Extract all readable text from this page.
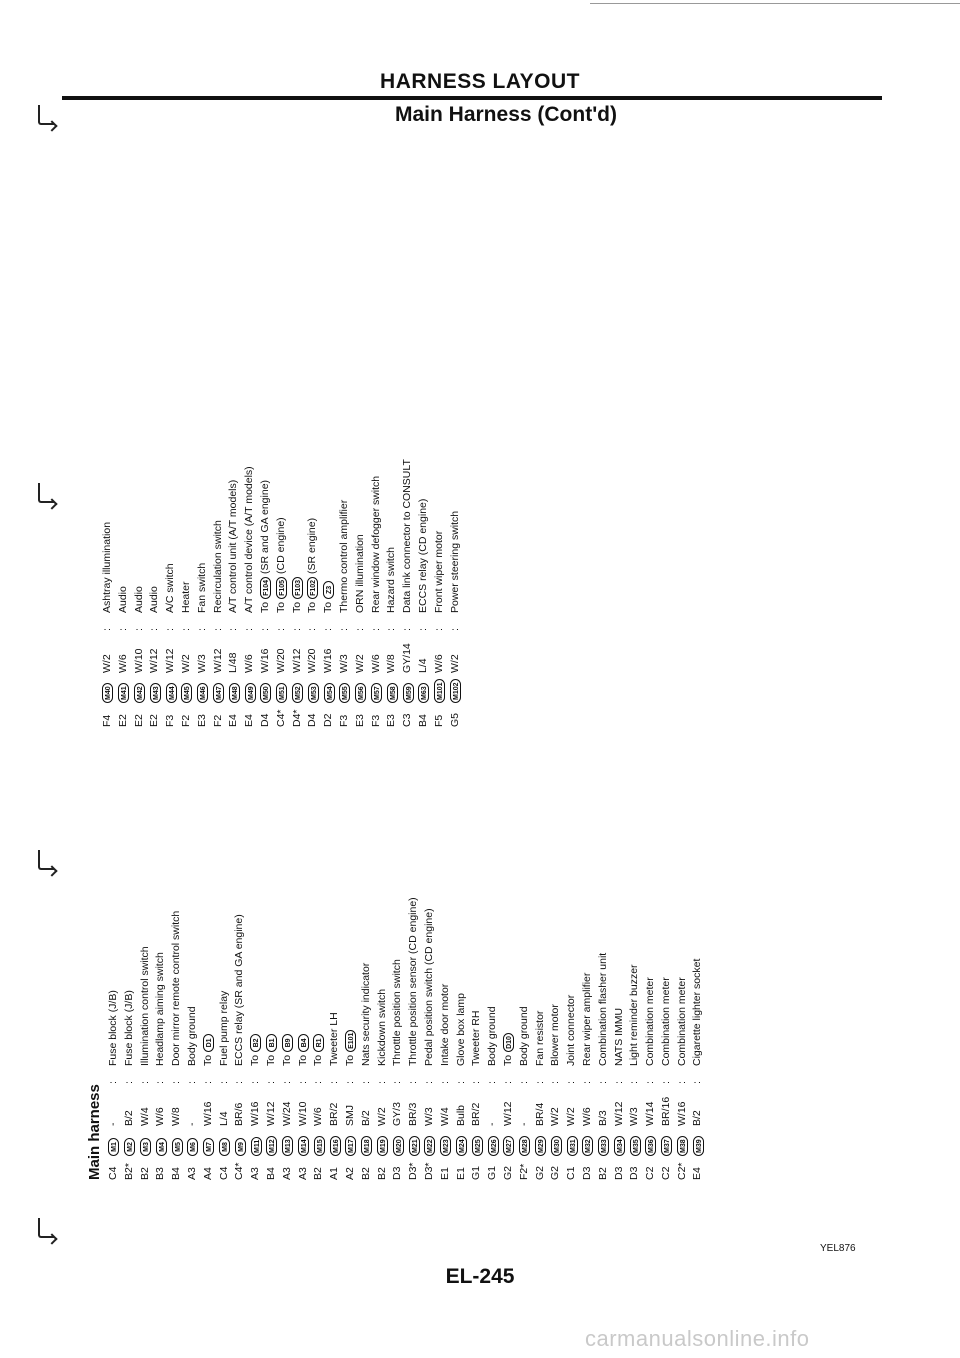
HARNESS LAYOUT
Main Harness (Cont'd)
Main harness C4
M1
-
:
Fuse block (J/B)
B2*
M2
B/2
:
Fuse block (J/B)
B2
M3
W/4
:
Illumination control switch
B3
M4
W/6
:
Headlamp aiming switch
B4
M5
W/8
:
Door mirror remote control switch
A3
M6
-
:
Body ground
A4
M7
W/16
:
ToD1
C4
M8
L/4
:
Fuel pump relay
C4*
M9
BR/6
:
ECCS relay (SR and GA engine)
A3
M11
W/16
:
ToB2
B4
M12
W/12
:
ToB1
A3
M13
W/24
:
ToB9
A3
M14
W/10
:
ToB4
B2
M15
W/6
:
ToR1
A1
M16
BR/2
:
Tweeter LH
A2
M17
SMJ
:
ToE101
B2
M18
B/2
:
Nats security indicator
B2
M19
W/2
:
Kickdown switch
D3
M20
GY/3
:
Throttle position switch
D3*
M21
BR/3
:
Throttle position sensor (CD engine)
D3*
M22
W/3
:
Pedal position switch (CD engine)
E1
M23
W/4
:
Intake door motor
E1
M24
Bulb
:
Glove box lamp
G1
M25
BR/2
:
Tweeter RH
G1
M26
-
:
Body ground
G2
M27
W/12
:
ToD10
F2*
M28
-
:
Body ground
G2
M29
BR/4
:
Fan resistor
G2
M30
W/2
:
Blower motor
C1
M31
W/2
:
Joint connector
D3
M32
W/6
:
Rear wiper amplifier
B2
M33
B/3
:
Combination flasher unit
D3
M34
W/12
:
NATS IMMU
D3
M35
W/3
:
Light reminder buzzer
C2
M36
W/14
:
Combination meter
C2
M37
BR/16
:
Combination meter
C2*
M38
W/16
:
Combination meter
E4
M39
B/2
:
Cigarette lighter socket
F4
M40
W/2
:
Ashtray illumination
E2
M41
W/6
:
Audio
E2
M42
W/10
:
Audio
E2
M43
W/12
:
Audio
F3
M44
W/12
:
A/C switch
F2
M45
W/2
:
Heater
E3
M46
W/3
:
Fan switch
F2
M47
W/12
:
Recirculation switch
E4
M48
L/48
:
A/T control unit (A/T models)
E4
M49
W/6
:
A/T control device (A/T models)
D4
M50
W/16
:
ToF104(SR and GA engine)
C4*
M51
W/20
:
ToF105(CD engine)
D4*
M52
W/12
:
ToF103
D4
M53
W/20
:
ToF102(SR engine)
D2
M54
W/16
:
ToZ3
F3
M55
W/3
:
Thermo control amplifier
E3
M56
W/2
:
ORN illumination
F3
M57
W/6
:
Rear window defogger switch
E3
M58
W/8
:
Hazard switch
C3
M59
GY/14
:
Data link connector to CONSULT
B4
M63
L/4
:
ECCS relay (CD engine)
F5
M101
W/6
:
Front wiper motor
G5
M102
W/2
:
Power steering switch
YEL876
EL-245
carmanualsonline.info
